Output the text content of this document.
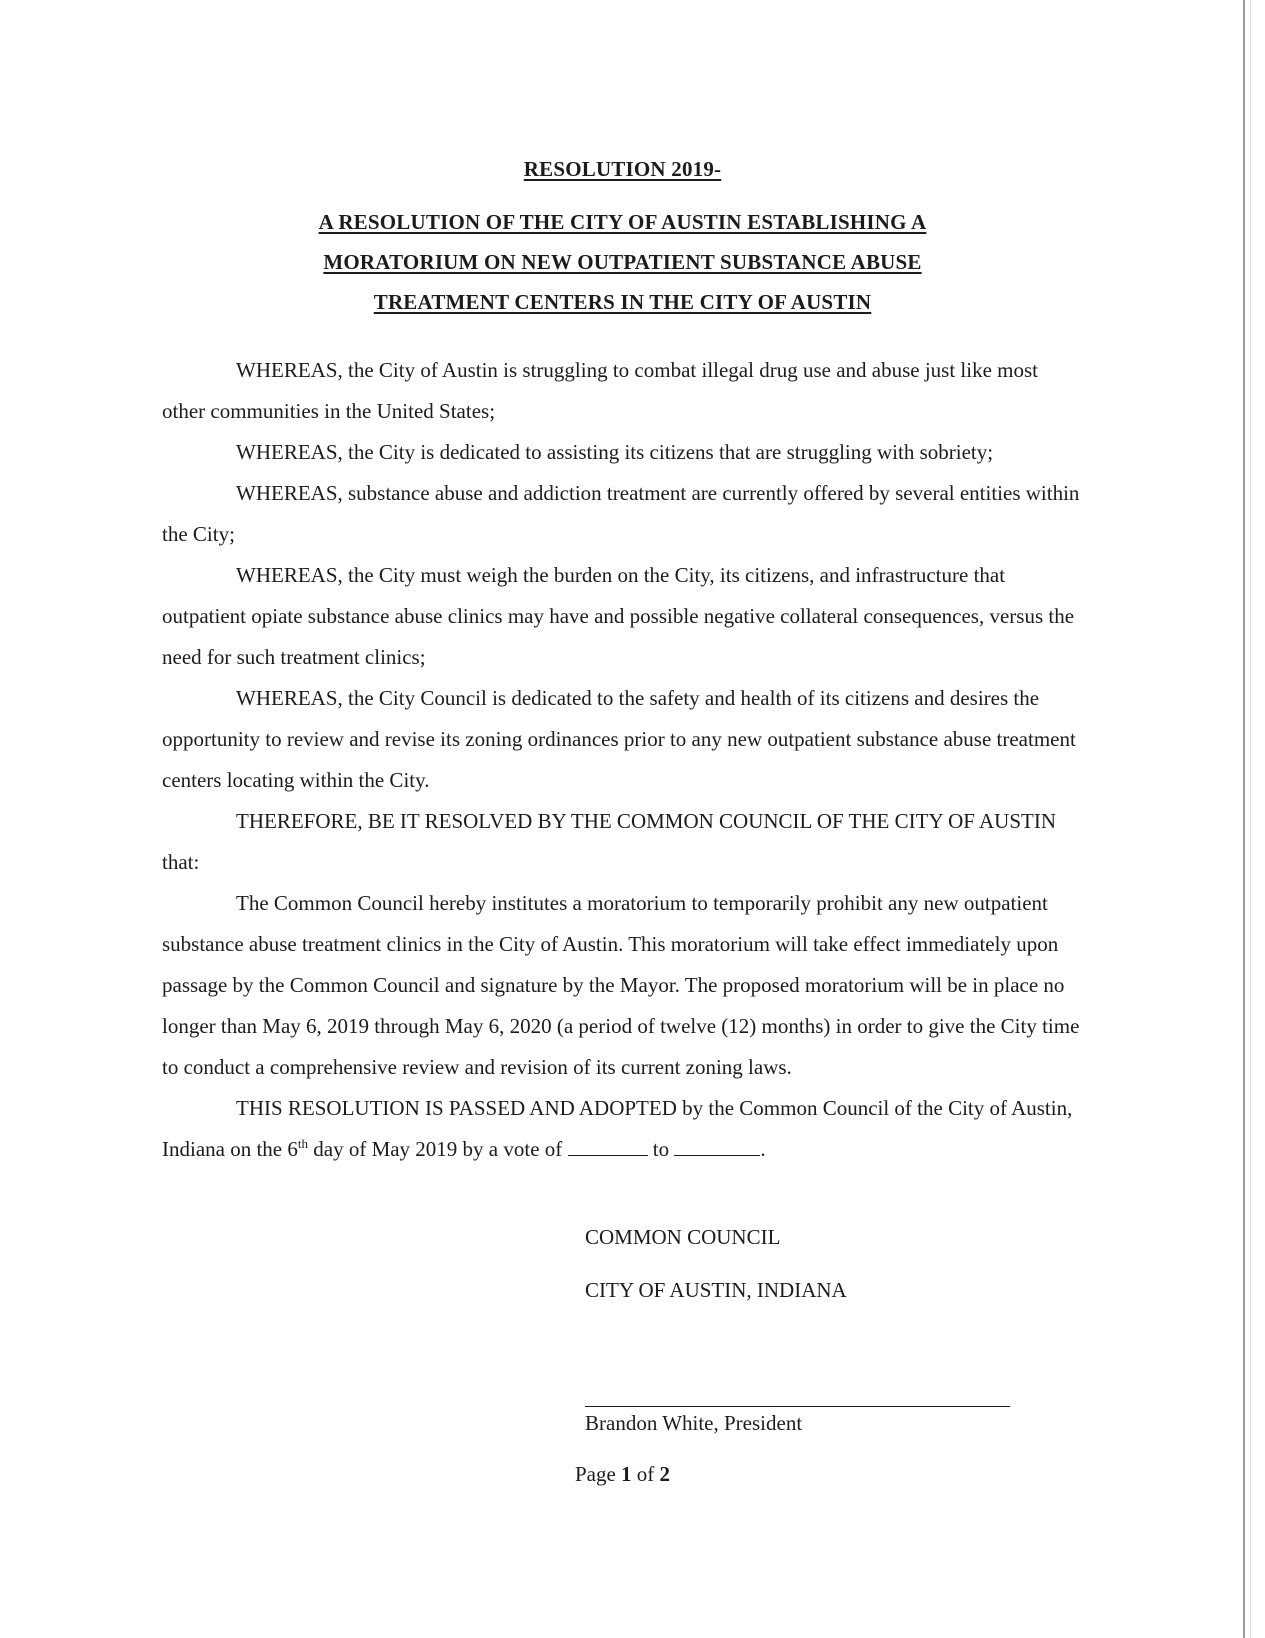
RESOLUTION 2019-
A RESOLUTION OF THE CITY OF AUSTIN ESTABLISHING A
MORATORIUM ON NEW OUTPATIENT SUBSTANCE ABUSE
TREATMENT CENTERS IN THE CITY OF AUSTIN

WHEREAS, the City of Austin is struggling to combat illegal drug use and abuse just like most other communities in the United States;

WHEREAS, the City is dedicated to assisting its citizens that are struggling with sobriety;

WHEREAS, substance abuse and addiction treatment are currently offered by several entities within the City;

WHEREAS, the City must weigh the burden on the City, its citizens, and infrastructure that outpatient opiate substance abuse clinics may have and possible negative collateral consequences, versus the need for such treatment clinics;

WHEREAS, the City Council is dedicated to the safety and health of its citizens and desires the opportunity to review and revise its zoning ordinances prior to any new outpatient substance abuse treatment centers locating within the City.

THEREFORE, BE IT RESOLVED BY THE COMMON COUNCIL OF THE CITY OF AUSTIN that:

The Common Council hereby institutes a moratorium to temporarily prohibit any new outpatient substance abuse treatment clinics in the City of Austin. This moratorium will take effect immediately upon passage by the Common Council and signature by the Mayor. The proposed moratorium will be in place no longer than May 6, 2019 through May 6, 2020 (a period of twelve (12) months) in order to give the City time to conduct a comprehensive review and revision of its current zoning laws.

THIS RESOLUTION IS PASSED AND ADOPTED by the Common Council of the City of Austin, Indiana on the 6th day of May 2019 by a vote of	to	.

COMMON COUNCIL
CITY OF AUSTIN, INDIANA
Brandon White, President
Page 1 of 2
